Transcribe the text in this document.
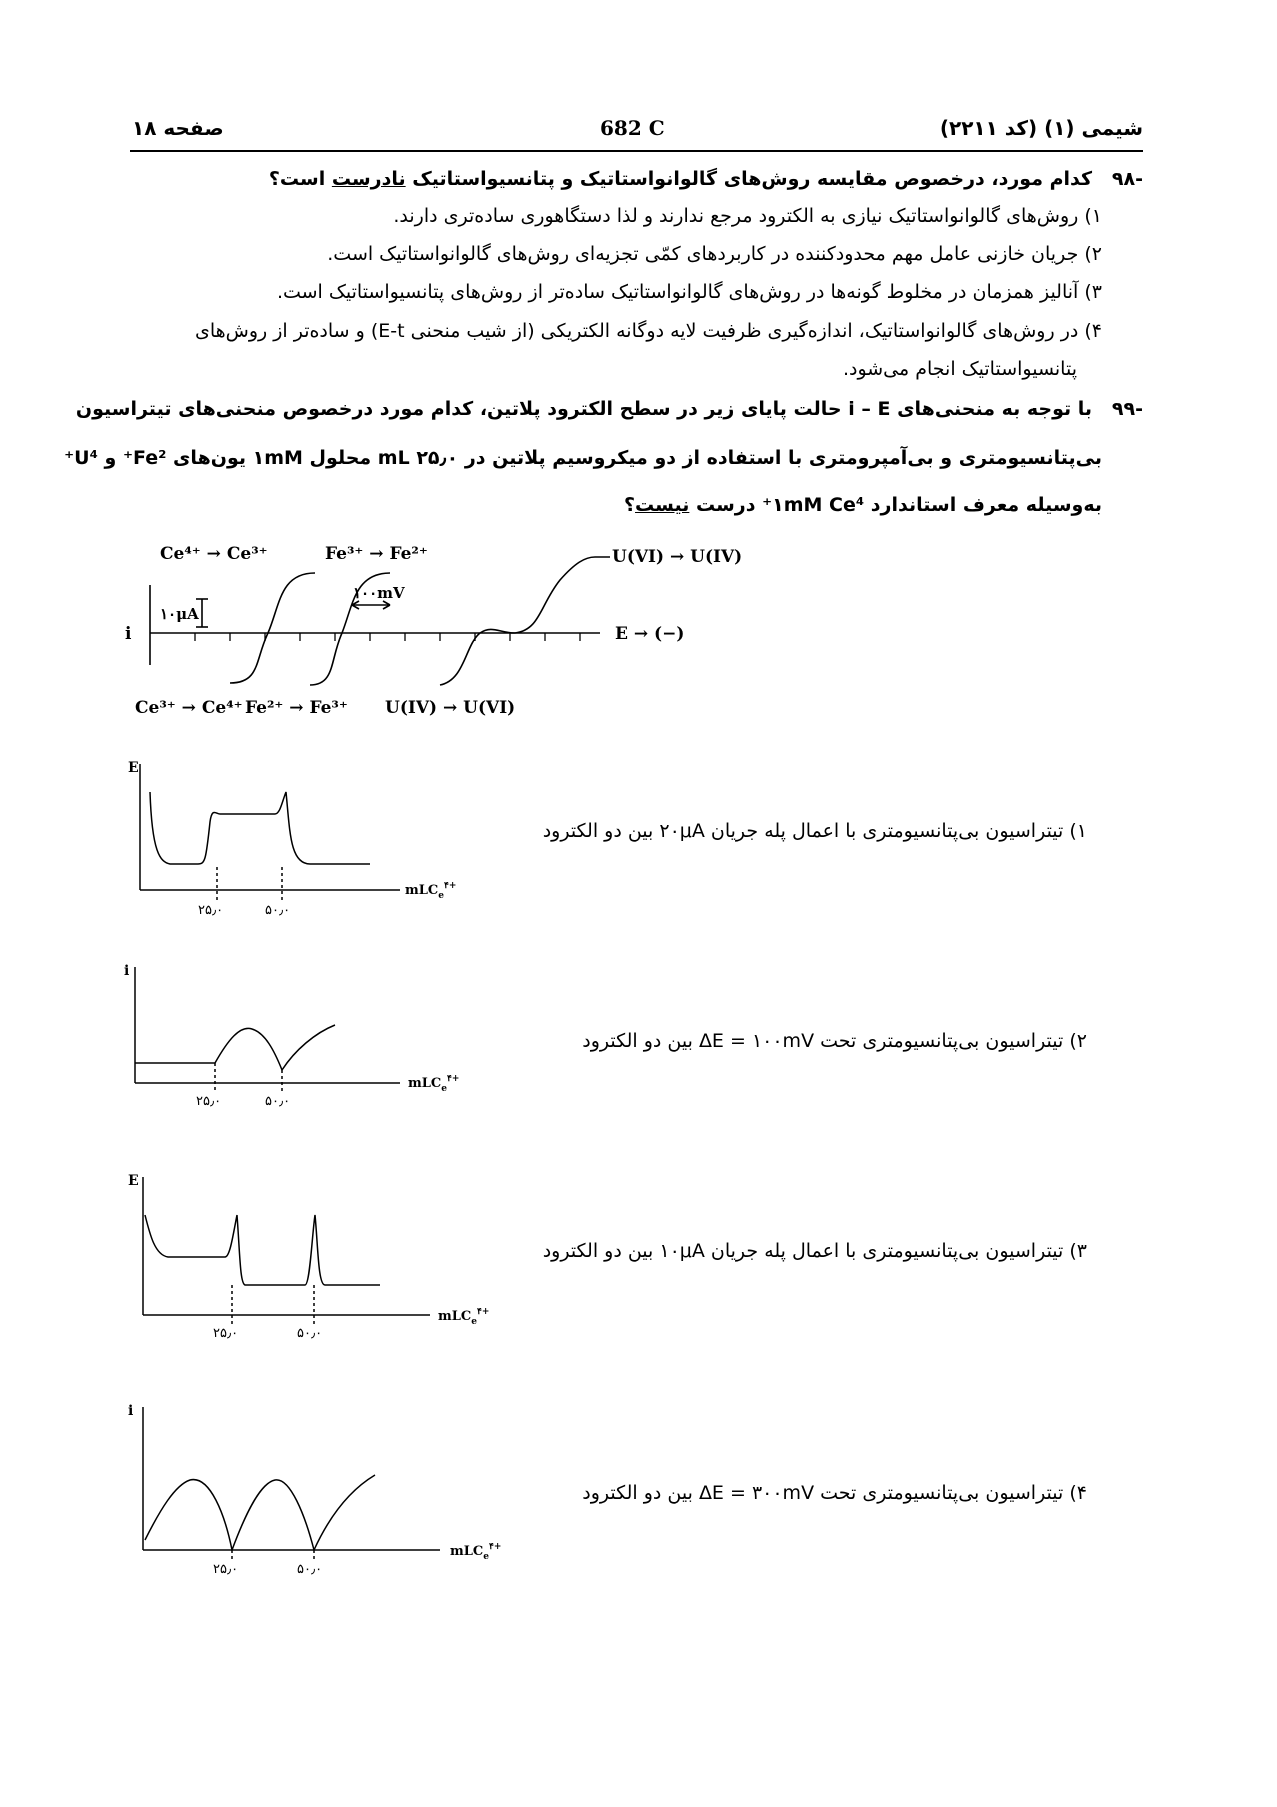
صفحه ۱۸	682 C	شیمی (۱) (کد ۲۲۱۱)
-۹۸   کدام مورد، درخصوص مقایسه روش‌های گالوانواستاتیک و پتانسیواستاتیک نادرست است؟
۱) روش‌های گالوانواستاتیک نیازی به الکترود مرجع ندارند و لذا دستگاهوری ساده‌تری دارند.
۲) جریان خازنی عامل مهم محدودکننده در کاربردهای کمّی تجزیه‌ای روش‌های گالوانواستاتیک است.
۳) آنالیز همزمان در مخلوط گونه‌ها در روش‌های گالوانواستاتیک ساده‌تر از روش‌های پتانسیواستاتیک است.
۴) در روش‌های گالوانواستاتیک، اندازه‌گیری ظرفیت لایه دوگانه الکتریکی (از شیب منحنی E-t) و ساده‌تر از روش‌های
پتانسیواستاتیک انجام می‌شود.
-۹۹   با توجه به منحنی‌های i – E حالت پایای زیر در سطح الکترود پلاتین، کدام مورد درخصوص منحنی‌های تیتراسیون
بی‌پتانسیومتری و بی‌آمپرومتری با استفاده از دو میکروسیم پلاتین در ۲۵٫۰ mL محلول ۱mM یون‌های Fe²⁺ و U⁴⁺
به‌وسیله معرف استاندارد ۱mM Ce⁴⁺ درست نیست؟
Ce⁴⁺ → Ce³⁺	Fe³⁺ → Fe²⁺	U(VI) → U(IV)
Ce³⁺ → Ce⁴⁺ Fe²⁺ → Fe³⁺ U(IV) → U(VI)
i	E → (−)
۱۰μA
۱۰۰mV
E
mLC$_e^{۴+}$
۲۵٫۰	۵۰٫۰
۱) تیتراسیون بی‌پتانسیومتری با اعمال پله جریان ۲۰μA بین دو الکترود
i
mLC$_e^{۴+}$
۲۵٫۰	۵۰٫۰
۲) تیتراسیون بی‌پتانسیومتری تحت ΔE = ۱۰۰mV بین دو الکترود
E
mLC$_e^{۴+}$
۲۵٫۰	۵۰٫۰
۳) تیتراسیون بی‌پتانسیومتری با اعمال پله جریان ۱۰μA بین دو الکترود
i
mLC$_e^{۴+}$
۲۵٫۰	۵۰٫۰
۴) تیتراسیون بی‌پتانسیومتری تحت ΔE = ۳۰۰mV بین دو الکترود
